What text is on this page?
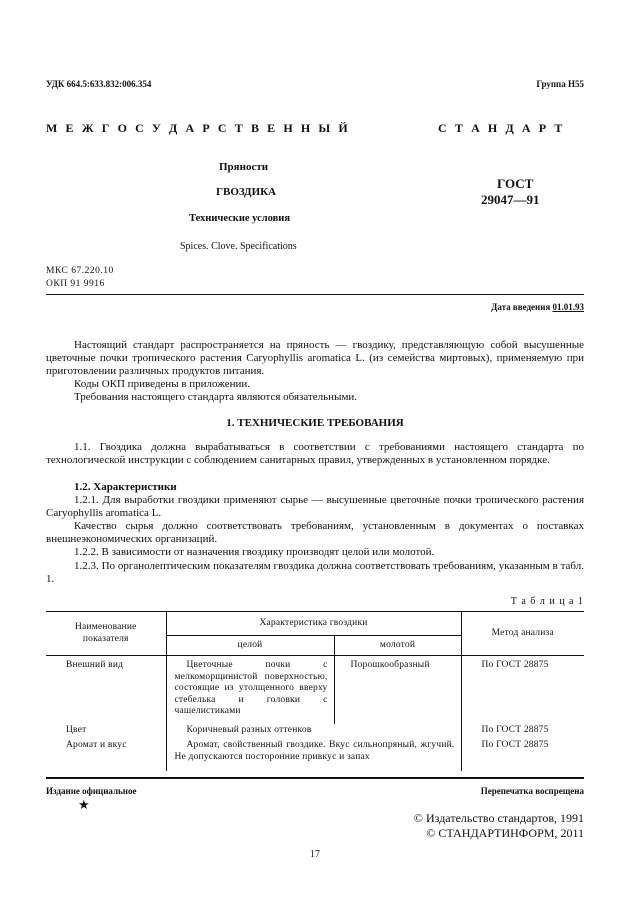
УДК 664.5:633.832:006.354	Группа Н55
М Е Ж Г О С У Д А Р С Т В Е Н Н Ы Й	С Т А Н Д А Р Т
Пряности
ГВОЗДИКА
Технические условия
Spices. Clove. Specifications
ГОСТ
29047—91
МКС 67.220.10
ОКП 91 9916
Дата введения 01.01.93
Настоящий стандарт распространяется на пряность — гвоздику, представляющую собой высушенные цветочные почки тропического растения Caryophyllis aromatica L. (из семейства миртовых), применяемую при приготовлении различных продуктов питания.
Коды ОКП приведены в приложении.
Требования настоящего стандарта являются обязательными.
1. ТЕХНИЧЕСКИЕ ТРЕБОВАНИЯ
1.1. Гвоздика должна вырабатываться в соответствии с требованиями настоящего стандарта по технологической инструкции с соблюдением санитарных правил, утвержденных в установленном порядке.
1.2. Характеристики
1.2.1. Для выработки гвоздики применяют сырье — высушенные цветочные почки тропического растения Caryophyllis aromatica L.
Качество сырья должно соответствовать требованиям, установленным в документах о поставках внешнеэкономических организаций.
1.2.2. В зависимости от назначения гвоздику производят целой или молотой.
1.2.3. По органолептическим показателям гвоздика должна соответствовать требованиям, указанным в табл. 1.
Т а б л и ц а 1
Наименование показателя	Характеристика гвоздики		Метод анализа
	целой	молотой	
Внешний вид	Цветочные почки с мелкоморщинистой поверхностью, состоящие из утолщенного вверху стебелька и головки с чашелистиками	Порошкообразный	По ГОСТ 28875
Цвет	Коричневый разных оттенков		По ГОСТ 28875
Аромат и вкус	Аромат, свойственный гвоздике. Вкус сильнопряный, жгучий. Не допускаются посторонние привкус и запах		По ГОСТ 28875
Издание официальное	Перепечатка воспрещена
★
© Издательство стандартов, 1991
© СТАНДАРТИНФОРМ, 2011
17
